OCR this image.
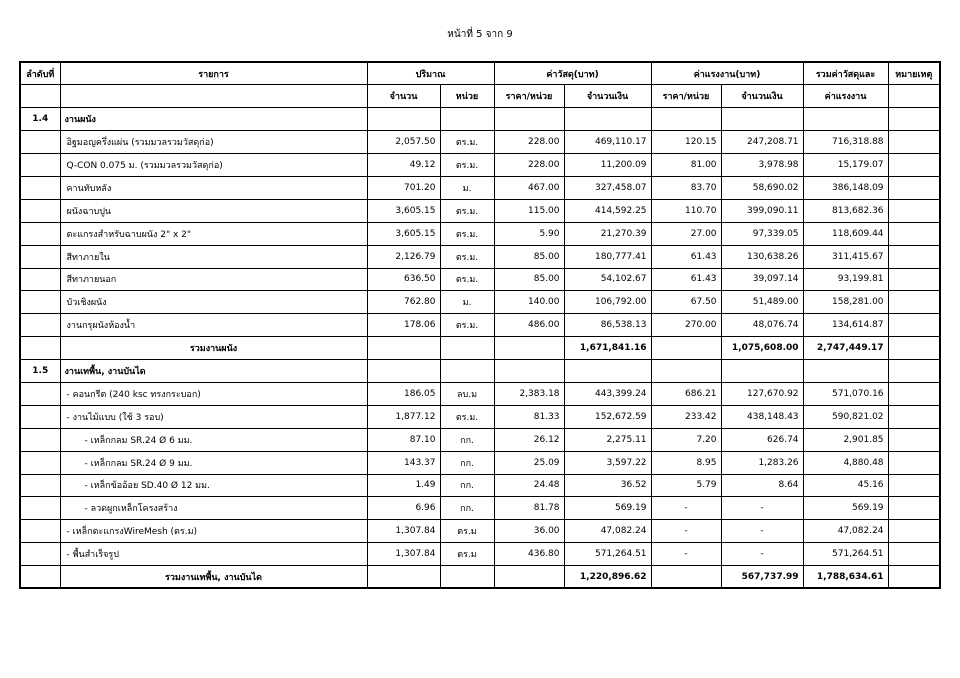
หน้าที่ 5 จาก 9
ลำดับที่	รายการ	ปริมาณ		ค่าวัสดุ(บาท)		ค่าแรงงาน(บาท)		รวมค่าวัสดุและ	หมายเหตุ
		จำนวน	หน่วย	ราคา/หน่วย	จำนวนเงิน	ราคา/หน่วย	จำนวนเงิน	ค่าแรงงาน	
1.4	งานผนัง								
	อิฐมอญครึ่งแผ่น (รวมมวลรวมวัสดุก่อ)	2,057.50	ตร.ม.	228.00	469,110.17	120.15	247,208.71	716,318.88	
	Q-CON 0.075 ม. (รวมมวลรวมวัสดุก่อ)	49.12	ตร.ม.	228.00	11,200.09	81.00	3,978.98	15,179.07	
	คานทับหลัง	701.20	ม.	467.00	327,458.07	83.70	58,690.02	386,148.09	
	ผนังฉาบปูน	3,605.15	ตร.ม.	115.00	414,592.25	110.70	399,090.11	813,682.36	
	ตะแกรงสำหรับฉาบผนัง 2" x 2"	3,605.15	ตร.ม.	5.90	21,270.39	27.00	97,339.05	118,609.44	
	สีทาภายใน	2,126.79	ตร.ม.	85.00	180,777.41	61.43	130,638.26	311,415.67	
	สีทาภายนอก	636.50	ตร.ม.	85.00	54,102.67	61.43	39,097.14	93,199.81	
	บัวเชิงผนัง	762.80	ม.	140.00	106,792.00	67.50	51,489.00	158,281.00	
	งานกรุผนังห้องน้ำ	178.06	ตร.ม.	486.00	86,538.13	270.00	48,076.74	134,614.87	
	รวมงานผนัง				1,671,841.16		1,075,608.00	2,747,449.17	
1.5	งานเทพื้น, งานบันได								
	- คอนกรีต (240 ksc ทรงกระบอก)	186.05	ลบ.ม	2,383.18	443,399.24	686.21	127,670.92	571,070.16	
	- งานไม้แบบ (ใช้ 3 รอบ)	1,877.12	ตร.ม.	81.33	152,672.59	233.42	438,148.43	590,821.02	
	- เหล็กกลม SR.24 Ø 6 มม.	87.10	กก.	26.12	2,275.11	7.20	626.74	2,901.85	
	- เหล็กกลม SR.24 Ø 9 มม.	143.37	กก.	25.09	3,597.22	8.95	1,283.26	4,880.48	
	- เหล็กข้ออ้อย SD.40 Ø 12 มม.	1.49	กก.	24.48	36.52	5.79	8.64	45.16	
	- ลวดผูกเหล็กโครงสร้าง	6.96	กก.	81.78	569.19	-	-	569.19	
	- เหล็กตะแกรงWireMesh (ตร.ม)	1,307.84	ตร.ม	36.00	47,082.24	-	-	47,082.24	
	- พื้นสำเร็จรูป	1,307.84	ตร.ม	436.80	571,264.51	-	-	571,264.51	
	รวมงานเทพื้น, งานบันได				1,220,896.62		567,737.99	1,788,634.61	
